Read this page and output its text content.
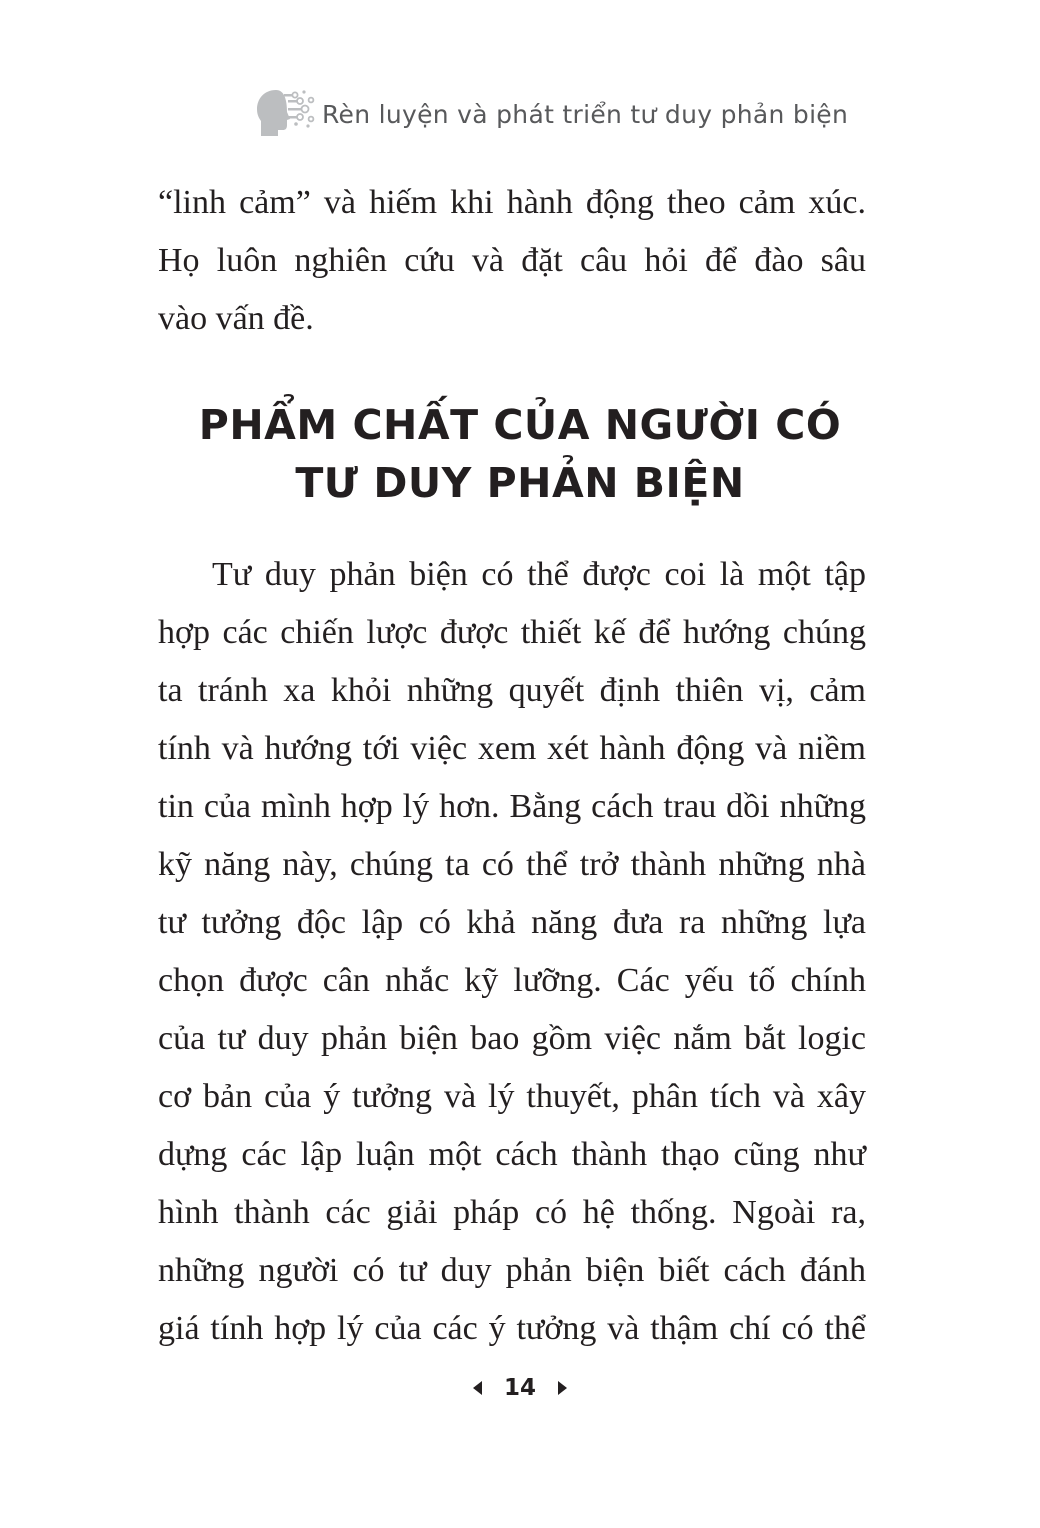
Rèn luyện và phát triển tư duy phản biện
“linh cảm” và hiếm khi hành động theo cảm xúc.
Họ luôn nghiên cứu và đặt câu hỏi để đào sâu
vào vấn đề.
PHẨM CHẤT CỦA NGƯỜI CÓ
TƯ DUY PHẢN BIỆN
Tư duy phản biện có thể được coi là một tập
hợp các chiến lược được thiết kế để hướng chúng
ta tránh xa khỏi những quyết định thiên vị, cảm
tính và hướng tới việc xem xét hành động và niềm
tin của mình hợp lý hơn. Bằng cách trau dồi những
kỹ năng này, chúng ta có thể trở thành những nhà
tư tưởng độc lập có khả năng đưa ra những lựa
chọn được cân nhắc kỹ lưỡng. Các yếu tố chính
của tư duy phản biện bao gồm việc nắm bắt logic
cơ bản của ý tưởng và lý thuyết, phân tích và xây
dựng các lập luận một cách thành thạo cũng như
hình thành các giải pháp có hệ thống. Ngoài ra,
những người có tư duy phản biện biết cách đánh
giá tính hợp lý của các ý tưởng và thậm chí có thể
14
